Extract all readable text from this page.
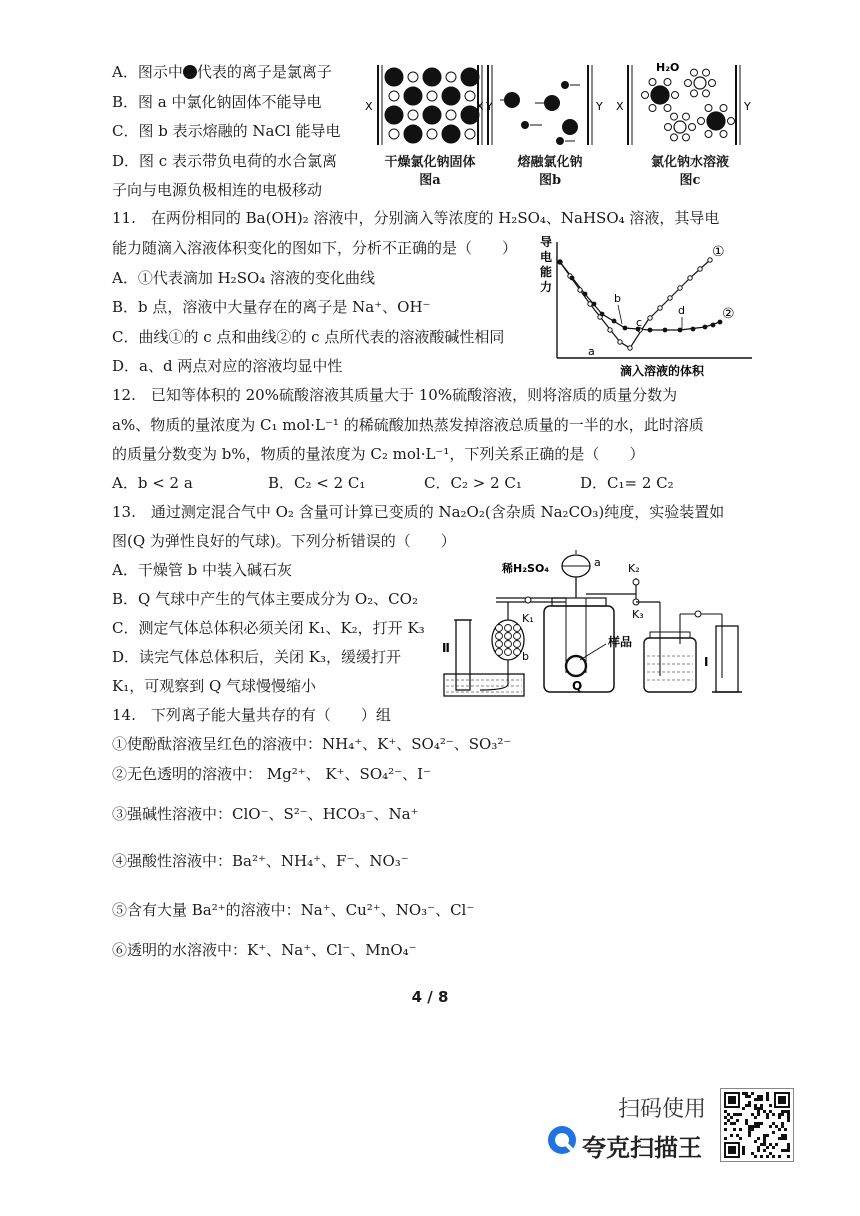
A．图示中 代表的离子是氯离子
B．图 a 中氯化钠固体不能导电
C．图 b 表示熔融的 NaCl 能导电
D．图 c 表示带负电荷的水合氯离
子向与电源负极相连的电极移动
X	Y
X	Y X	Y
H₂O
干燥氯化钠固体
图a
熔融氯化钠
图b
氯化钠水溶液
图c
11.　在两份相同的 Ba(OH)₂ 溶液中，分别滴入等浓度的 H₂SO₄、NaHSO₄ 溶液，其导电
能力随滴入溶液体积变化的图如下，分析不正确的是（　　）
A．①代表滴加 H₂SO₄ 溶液的变化曲线
B．b 点，溶液中大量存在的离子是 Na⁺、OH⁻
C．曲线①的 c 点和曲线②的 c 点所代表的溶液酸碱性相同
D．a、d 两点对应的溶液均显中性
导电能力
滴入溶液的体积
①
②
a
b
c
d
12.　已知等体积的 20%硫酸溶液其质量大于 10%硫酸溶液，则将溶质的质量分数为
a%、物质的量浓度为 C₁ mol·L⁻¹ 的稀硫酸加热蒸发掉溶液总质量的一半的水，此时溶质
的质量分数变为 b%，物质的量浓度为 C₂ mol·L⁻¹，下列关系正确的是（　　）
A．b < 2 a	B．C₂ < 2 C₁	C．C₂ > 2 C₁	D．C₁= 2 C₂
13.　通过测定混合气中 O₂ 含量可计算已变质的 Na₂O₂(含杂质 Na₂CO₃)纯度，实验装置如
图(Q 为弹性良好的气球)。下列分析错误的（　　）
A．干燥管 b 中装入碱石灰
B．Q 气球中产生的气体主要成分为 O₂、CO₂
C．测定气体总体积必须关闭 K₁、K₂，打开 K₃
D．读完气体总体积后，关闭 K₃，缓缓打开
K₁，可观察到 Q 气球慢慢缩小
稀H₂SO₄	a
样品
Q
K₁
b
Ⅱ
K₂
K₃
Ⅰ
14.　下列离子能大量共存的有（　　）组
①使酚酞溶液呈红色的溶液中：NH₄⁺、K⁺、SO₄²⁻、SO₃²⁻
②无色透明的溶液中： Mg²⁺、 K⁺、SO₄²⁻、I⁻
③强碱性溶液中：ClO⁻、S²⁻、HCO₃⁻、Na⁺
④强酸性溶液中：Ba²⁺、NH₄⁺、F⁻、NO₃⁻
⑤含有大量 Ba²⁺的溶液中：Na⁺、Cu²⁺、NO₃⁻、Cl⁻
⑥透明的水溶液中：K⁺、Na⁺、Cl⁻、MnO₄⁻
4 / 8
扫码使用
夸克扫描王
